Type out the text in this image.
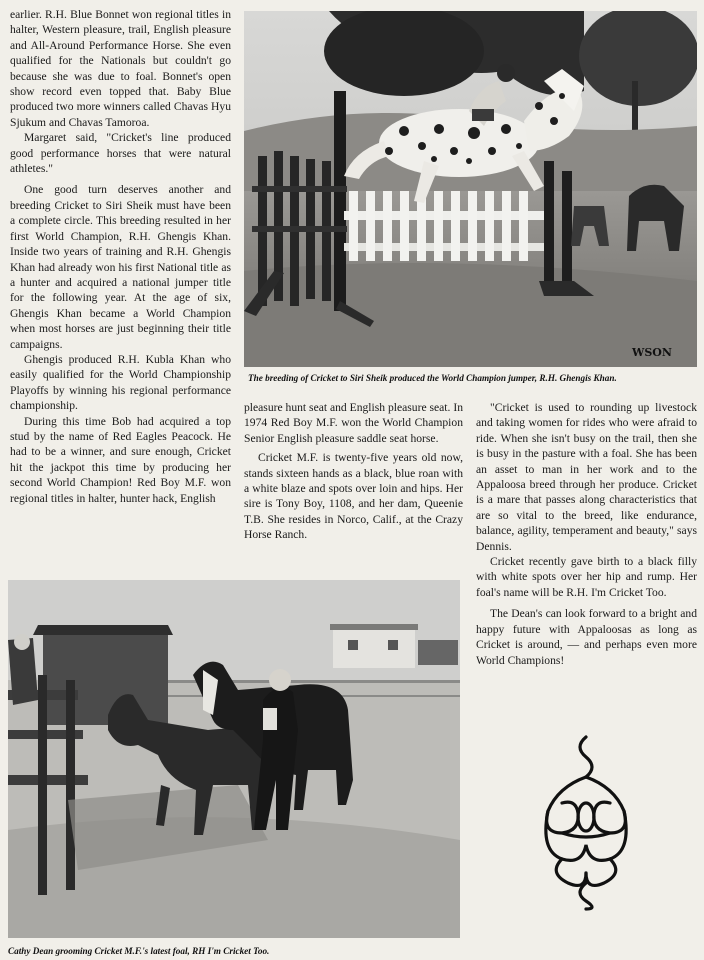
earlier. R.H. Blue Bonnet won regional titles in halter, Western pleasure, trail, English pleasure and All-Around Performance Horse. She even qualified for the Nationals but couldn't go because she was due to foal. Bonnet's open show record even topped that. Baby Blue produced two more winners called Chavas Hyu Sjukum and Chavas Tamoroa.

Margaret said, "Cricket's line produced good performance horses that were natural athletes."

One good turn deserves another and breeding Cricket to Siri Sheik must have been a complete circle. This breeding resulted in her first World Champion, R.H. Ghengis Khan. Inside two years of training and R.H. Ghengis Khan had already won his first National title as a hunter and acquired a national jumper title for the following year. At the age of six, Ghengis Khan became a World Champion when most horses are just beginning their title campaigns.

Ghengis produced R.H. Kubla Khan who easily qualified for the World Championship Playoffs by winning his regional performance championship.

During this time Bob had acquired a top stud by the name of Red Eagles Peacock. He had to be a winner, and sure enough, Cricket hit the jackpot this time by producing her second World Champion! Red Boy M.F. won regional titles in halter, hunter hack, English

WSON
The breeding of Cricket to Siri Sheik produced the World Champion jumper, R.H. Ghengis Khan.

pleasure hunt seat and English pleasure seat. In 1974 Red Boy M.F. won the World Champion Senior English pleasure saddle seat horse.

Cricket M.F. is twenty-five years old now, stands sixteen hands as a black, blue roan with a white blaze and spots over loin and hips. Her sire is Tony Boy, 1108, and her dam, Queenie T.B. She resides in Norco, Calif., at the Crazy Horse Ranch.

"Cricket is used to rounding up livestock and taking women for rides who were afraid to ride. When she isn't busy on the trail, then she is busy in the pasture with a foal. She has been an asset to man in her work and to the Appaloosa breed through her produce. Cricket is a mare that passes along characteristics that are so vital to the breed, like endurance, balance, agility, temperament and beauty," says Dennis.

Cricket recently gave birth to a black filly with white spots over her hip and rump. Her foal's name will be R.H. I'm Cricket Too.

The Dean's can look forward to a bright and happy future with Appaloosas as long as Cricket is around, — and perhaps even more World Champions!

Cathy Dean grooming Cricket M.F.'s latest foal, RH I'm Cricket Too.
